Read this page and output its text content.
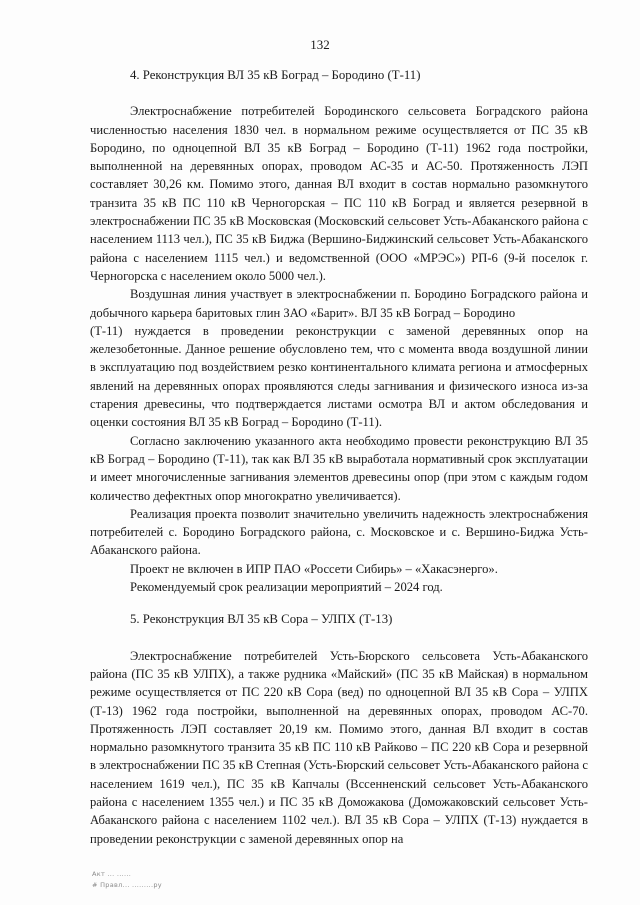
132
4. Реконструкция ВЛ 35 кВ Боград – Бородино (Т-11)

Электроснабжение потребителей Бородинского сельсовета Боградского района численностью населения 1830 чел. в нормальном режиме осуществляется от ПС 35 кВ Бородино, по одноцепной ВЛ 35 кВ Боград – Бородино (Т-11) 1962 года постройки, выполненной на деревянных опорах, проводом АС-35 и АС-50. Протяженность ЛЭП составляет 30,26 км. Помимо этого, данная ВЛ входит в состав нормально разомкнутого транзита 35 кВ ПС 110 кВ Черногорская – ПС 110 кВ Боград и является резервной в электроснабжении ПС 35 кВ Московская (Московский сельсовет Усть-Абаканского района с населением 1113 чел.), ПС 35 кВ Биджа (Вершино-Биджинский сельсовет Усть-Абаканского района с населением 1115 чел.) и ведомственной (ООО «МРЭС») РП-6 (9-й поселок г. Черногорска с населением около 5000 чел.).

Воздушная линия участвует в электроснабжении п. Бородино Боградского района и добычного карьера баритовых глин ЗАО «Барит». ВЛ 35 кВ Боград – Бородино

(Т-11) нуждается в проведении реконструкции с заменой деревянных опор на железобетонные. Данное решение обусловлено тем, что с момента ввода воздушной линии в эксплуатацию под воздействием резко континентального климата региона и атмосферных явлений на деревянных опорах проявляются следы загнивания и физического износа из-за старения древесины, что подтверждается листами осмотра ВЛ и актом обследования и оценки состояния ВЛ 35 кВ Боград – Бородино (Т-11).

Согласно заключению указанного акта необходимо провести реконструкцию ВЛ 35 кВ Боград – Бородино (Т-11), так как ВЛ 35 кВ выработала нормативный срок эксплуатации и имеет многочисленные загнивания элементов древесины опор (при этом с каждым годом количество дефектных опор многократно увеличивается).

Реализация проекта позволит значительно увеличить надежность электроснабжения потребителей с. Бородино Боградского района, с. Московское и с. Вершино-Биджа Усть-Абаканского района.

Проект не включен в ИПР ПАО «Россети Сибирь» – «Хакасэнерго».

Рекомендуемый срок реализации мероприятий – 2024 год.

5. Реконструкция ВЛ 35 кВ Сора – УЛПХ (Т-13)

Электроснабжение потребителей Усть-Бюрского сельсовета Усть-Абаканского района (ПС 35 кВ УЛПХ), а также рудника «Майский» (ПС 35 кВ Майская) в нормальном режиме осуществляется от ПС 220 кВ Сора (вед) по одноцепной ВЛ 35 кВ Сора – УЛПХ (Т-13) 1962 года постройки, выполненной на деревянных опорах, проводом АС-70. Протяженность ЛЭП составляет 20,19 км. Помимо этого, данная ВЛ входит в состав нормально разомкнутого транзита 35 кВ ПС 110 кВ Райково – ПС 220 кВ Сора и резервной в электроснабжении ПС 35 кВ Степная (Усть-Бюрский сельсовет Усть-Абаканского района с населением 1619 чел.), ПС 35 кВ Капчалы (Вссенненский сельсовет Усть-Абаканского района с населением 1355 чел.) и ПС 35 кВ Доможакова (Доможаковский сельсовет Усть-Абаканского района с населением 1102 чел.). ВЛ 35 кВ Сора – УЛПХ (Т-13) нуждается в проведении реконструкции с заменой деревянных опор на

Акт ... ......
# Правл... .........ру
